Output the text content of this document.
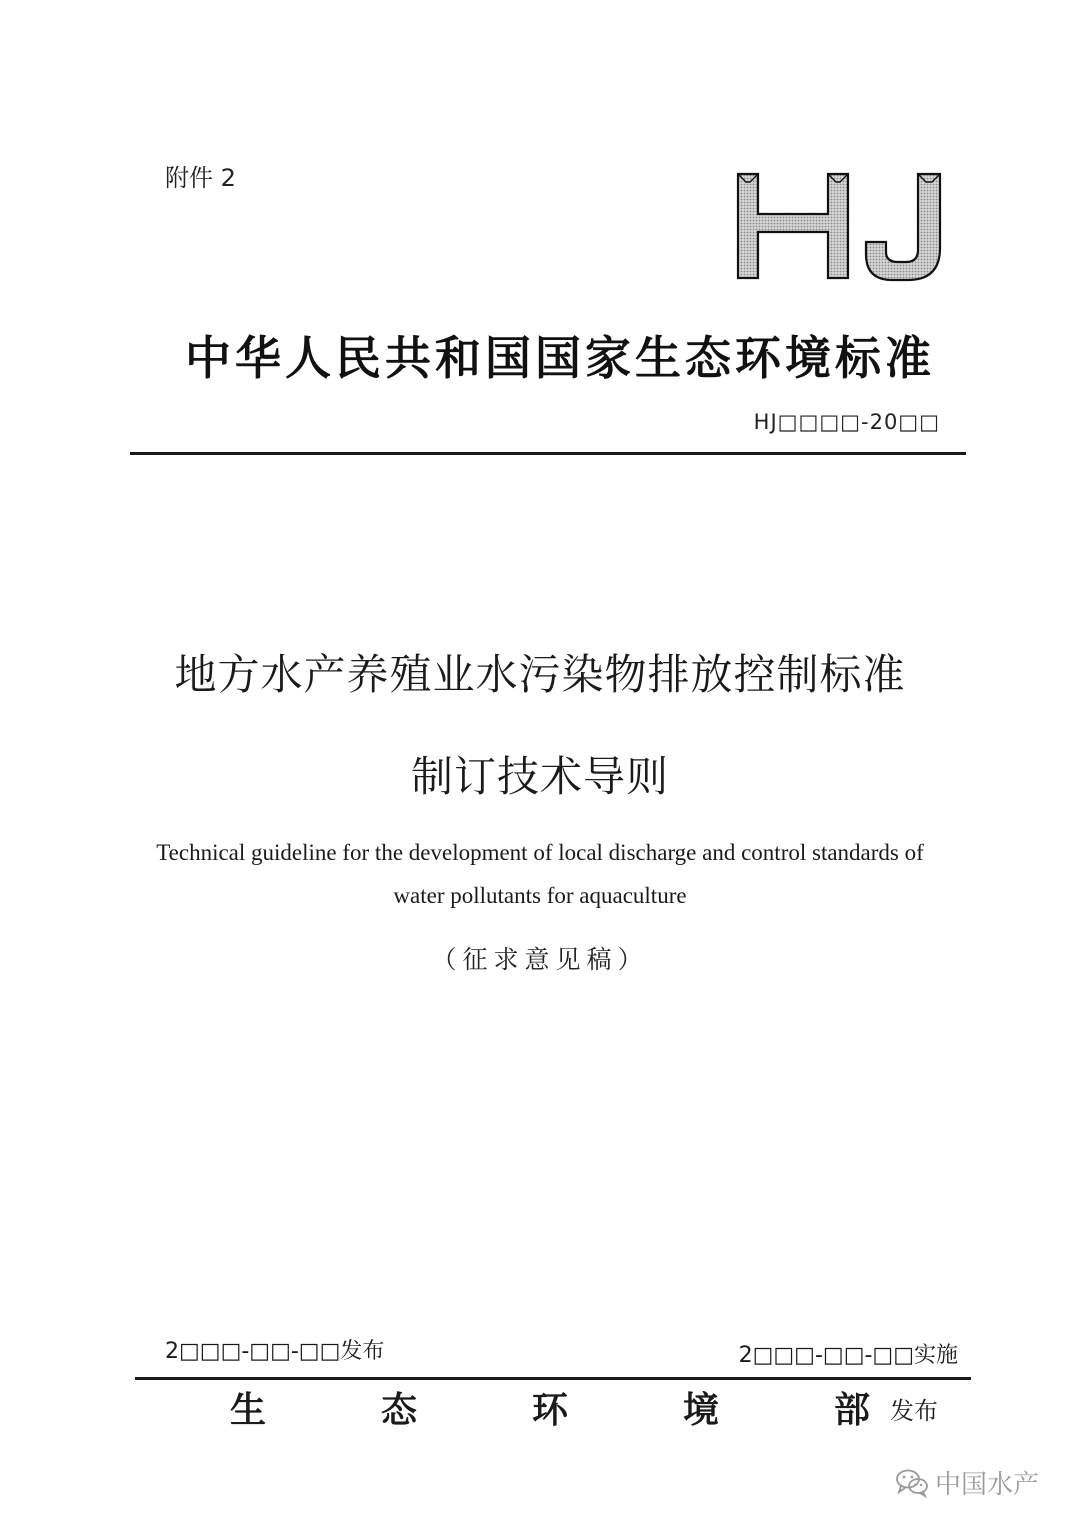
附件 2
中华人民共和国国家生态环境标准
HJ□□□□-20□□
地方水产养殖业水污染物排放控制标准
制订技术导则
Technical guideline for the development of local discharge and control standards of
water pollutants for aquaculture
（征求意见稿）
2□□□-□□-□□发布	2□□□-□□-□□实施
生	态	环	境	部 发布
中国水产
